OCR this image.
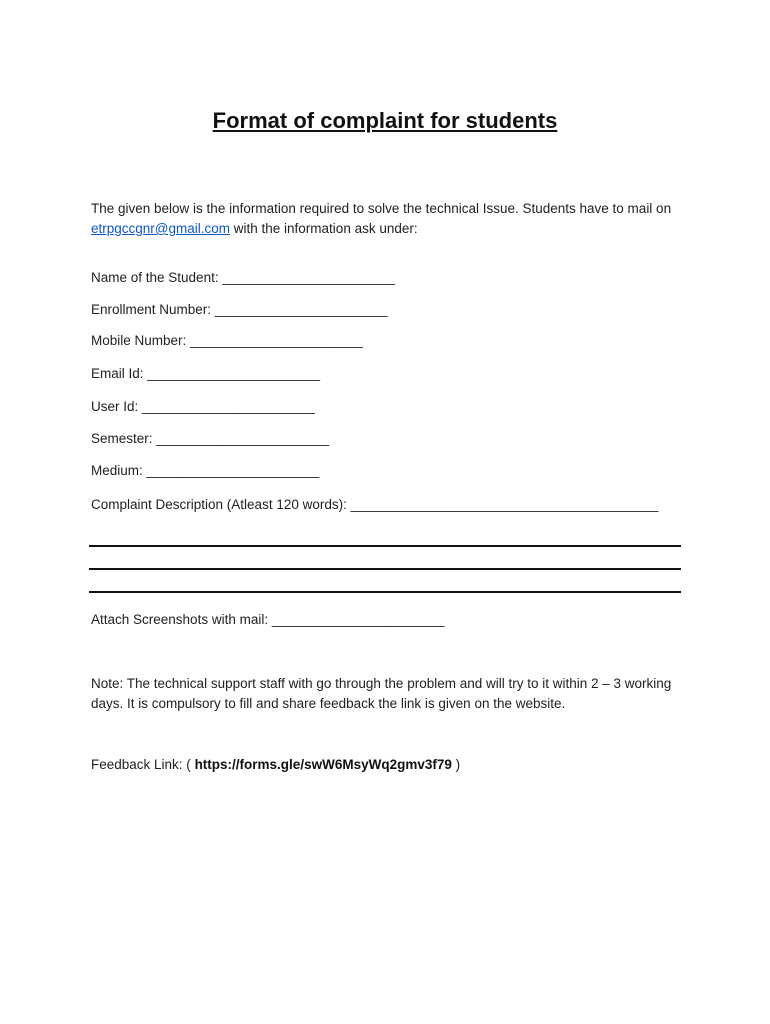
Format of complaint for students
The given below is the information required to solve the technical Issue. Students have to mail on etrpgccgnr@gmail.com with the information ask under:
Name of the Student: _______________________
Enrollment Number: _______________________
Mobile Number: _______________________
Email Id: _______________________
User Id: _______________________
Semester: _______________________
Medium: _______________________
Complaint Description (Atleast 120 words): _________________________________________
Attach Screenshots with mail: _______________________
Note: The technical support staff with go through the problem and will try to it within 2 – 3 working days. It is compulsory to fill and share feedback the link is given on the website.
Feedback Link: ( https://forms.gle/swW6MsyWq2gmv3f79 )
